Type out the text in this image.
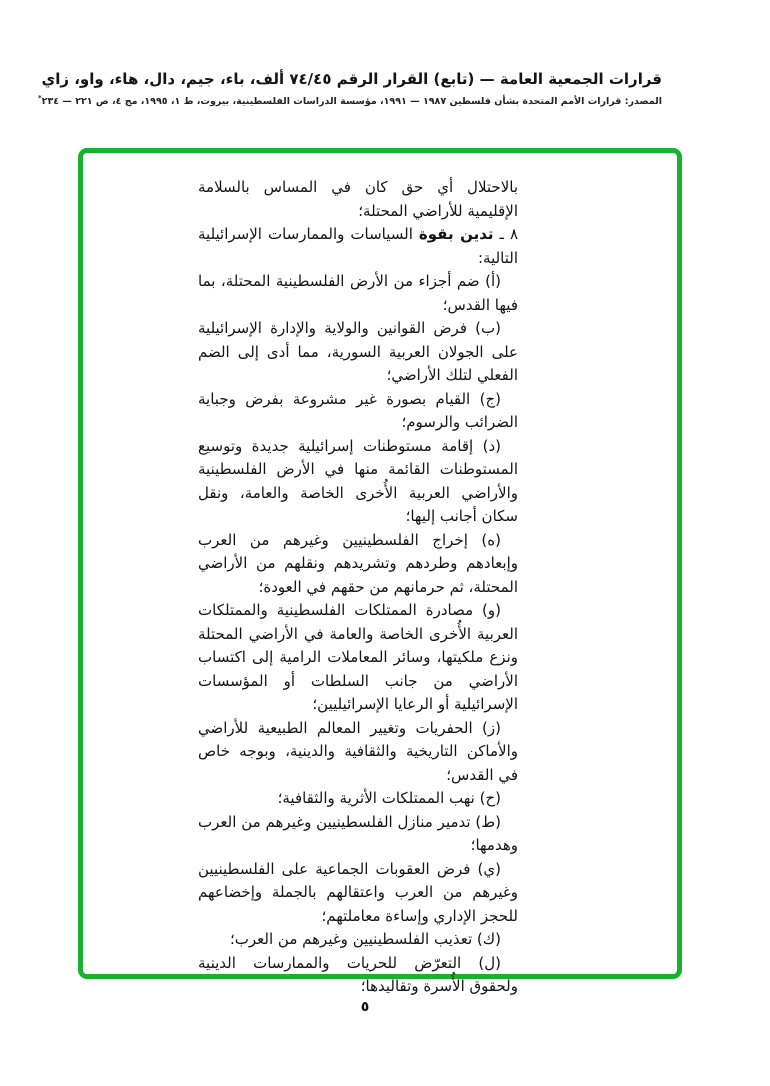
قرارات الجمعية العامة — (تابع) القرار الرقم ٧٤/٤٥ ألف، باء، جيم، دال، هاء، واو، زاي
المصدر: قرارات الأمم المتحدة بشأن فلسطين ١٩٨٧ — ١٩٩١، مؤسسة الدراسات الفلسطينية، بيروت، ط ١، ١٩٩٥، مج ٤، ص ٢٢١ — ٢٣٤*

بالاحتلال أي حق كان في المساس بالسلامة الإقليمية للأراضي المحتلة؛

٨ ـ تدين بقوة السياسات والممارسات الإسرائيلية التالية:

(أ) ضم أجزاء من الأرض الفلسطينية المحتلة، بما فيها القدس؛

(ب) فرض القوانين والولاية والإدارة الإسرائيلية على الجولان العربية السورية، مما أدى إلى الضم الفعلي لتلك الأراضي؛

(ج) القيام بصورة غير مشروعة بفرض وجباية الضرائب والرسوم؛

(د) إقامة مستوطنات إسرائيلية جديدة وتوسيع المستوطنات القائمة منها في الأرض الفلسطينية والأراضي العربية الأُخرى الخاصة والعامة، ونقل سكان أجانب إليها؛

(ه) إخراج الفلسطينيين وغيرهم من العرب وإبعادهم وطردهم وتشريدهم ونقلهم من الأراضي المحتلة، ثم حرمانهم من حقهم في العودة؛

(و) مصادرة الممتلكات الفلسطينية والممتلكات العربية الأُخرى الخاصة والعامة في الأراضي المحتلة ونزع ملكيتها، وسائر المعاملات الرامية إلى اكتساب الأراضي من جانب السلطات أو المؤسسات الإسرائيلية أو الرعايا الإسرائيليين؛

(ز) الحفريات وتغيير المعالم الطبيعية للأراضي والأماكن التاريخية والثقافية والدينية، وبوجه خاص في القدس؛

(ح) نهب الممتلكات الأثرية والثقافية؛

(ط) تدمير منازل الفلسطينيين وغيرهم من العرب وهدمها؛

(ي) فرض العقوبات الجماعية على الفلسطينيين وغيرهم من العرب واعتقالهم بالجملة وإخضاعهم للحجز الإداري وإساءة معاملتهم؛

(ك) تعذيب الفلسطينيين وغيرهم من العرب؛

(ل) التعرّض للحريات والممارسات الدينية ولحقوق الأُسرة وتقاليدها؛

٥
